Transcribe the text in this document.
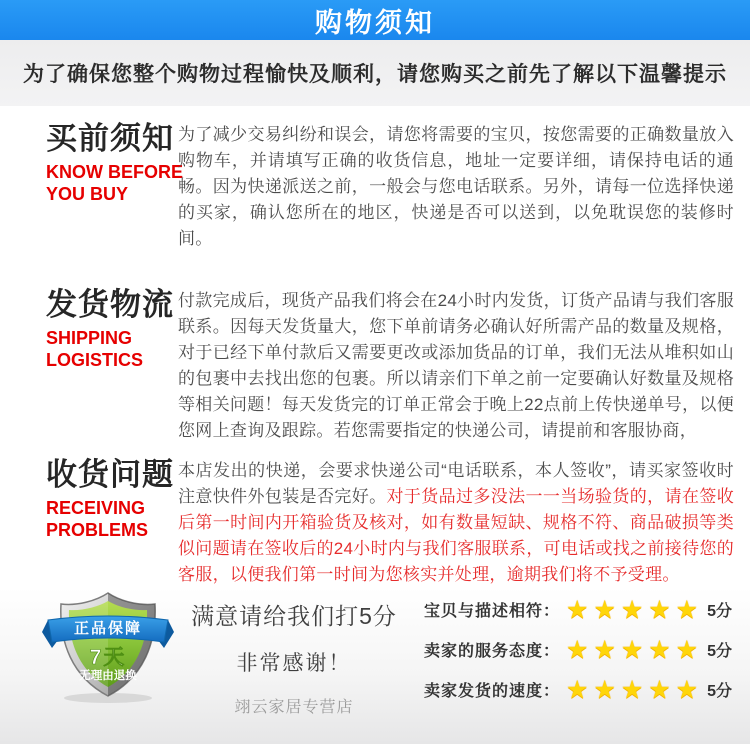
购物须知

为了确保您整个购物过程愉快及顺利，请您购买之前先了解以下温馨提示

买前须知
KNOW BEFORE
YOU BUY

为了减少交易纠纷和误会，请您将需要的宝贝，按您需要的正确数量放入购物车，并请填写正确的收货信息，地址一定要详细，请保持电话的通畅。因为快递派送之前，一般会与您电话联系。另外，请每一位选择快递的买家，确认您所在的地区，快递是否可以送到，以免耽误您的装修时间。

发货物流
SHIPPING
LOGISTICS

付款完成后，现货产品我们将会在24小时内发货，订货产品请与我们客服联系。因每天发货量大，您下单前请务必确认好所需产品的数量及规格，对于已经下单付款后又需要更改或添加货品的订单，我们无法从堆积如山的包裹中去找出您的包裹。所以请亲们下单之前一定要确认好数量及规格等相关问题！每天发货完的订单正常会于晚上22点前上传快递单号，以便您网上查询及跟踪。若您需要指定的快递公司，请提前和客服协商，

收货问题
RECEIVING
PROBLEMS

本店发出的快递，会要求快递公司“电话联系，本人签收”，请买家签收时注意快件外包装是否完好。对于货品过多没法一一当场验货的，请在签收后第一时间内开箱验货及核对，如有数量短缺、规格不符、商品破损等类似问题请在签收后的24小时内与我们客服联系，可电话或找之前接待您的客服，以便我们第一时间为您核实并处理，逾期我们将不予受理。

正品保障
7天
无理由退换
满意请给我们打5分
非常感谢！
翊云家居专营店
宝贝与描述相符： ★★★★★ 5分
卖家的服务态度： ★★★★★ 5分
卖家发货的速度： ★★★★★ 5分
